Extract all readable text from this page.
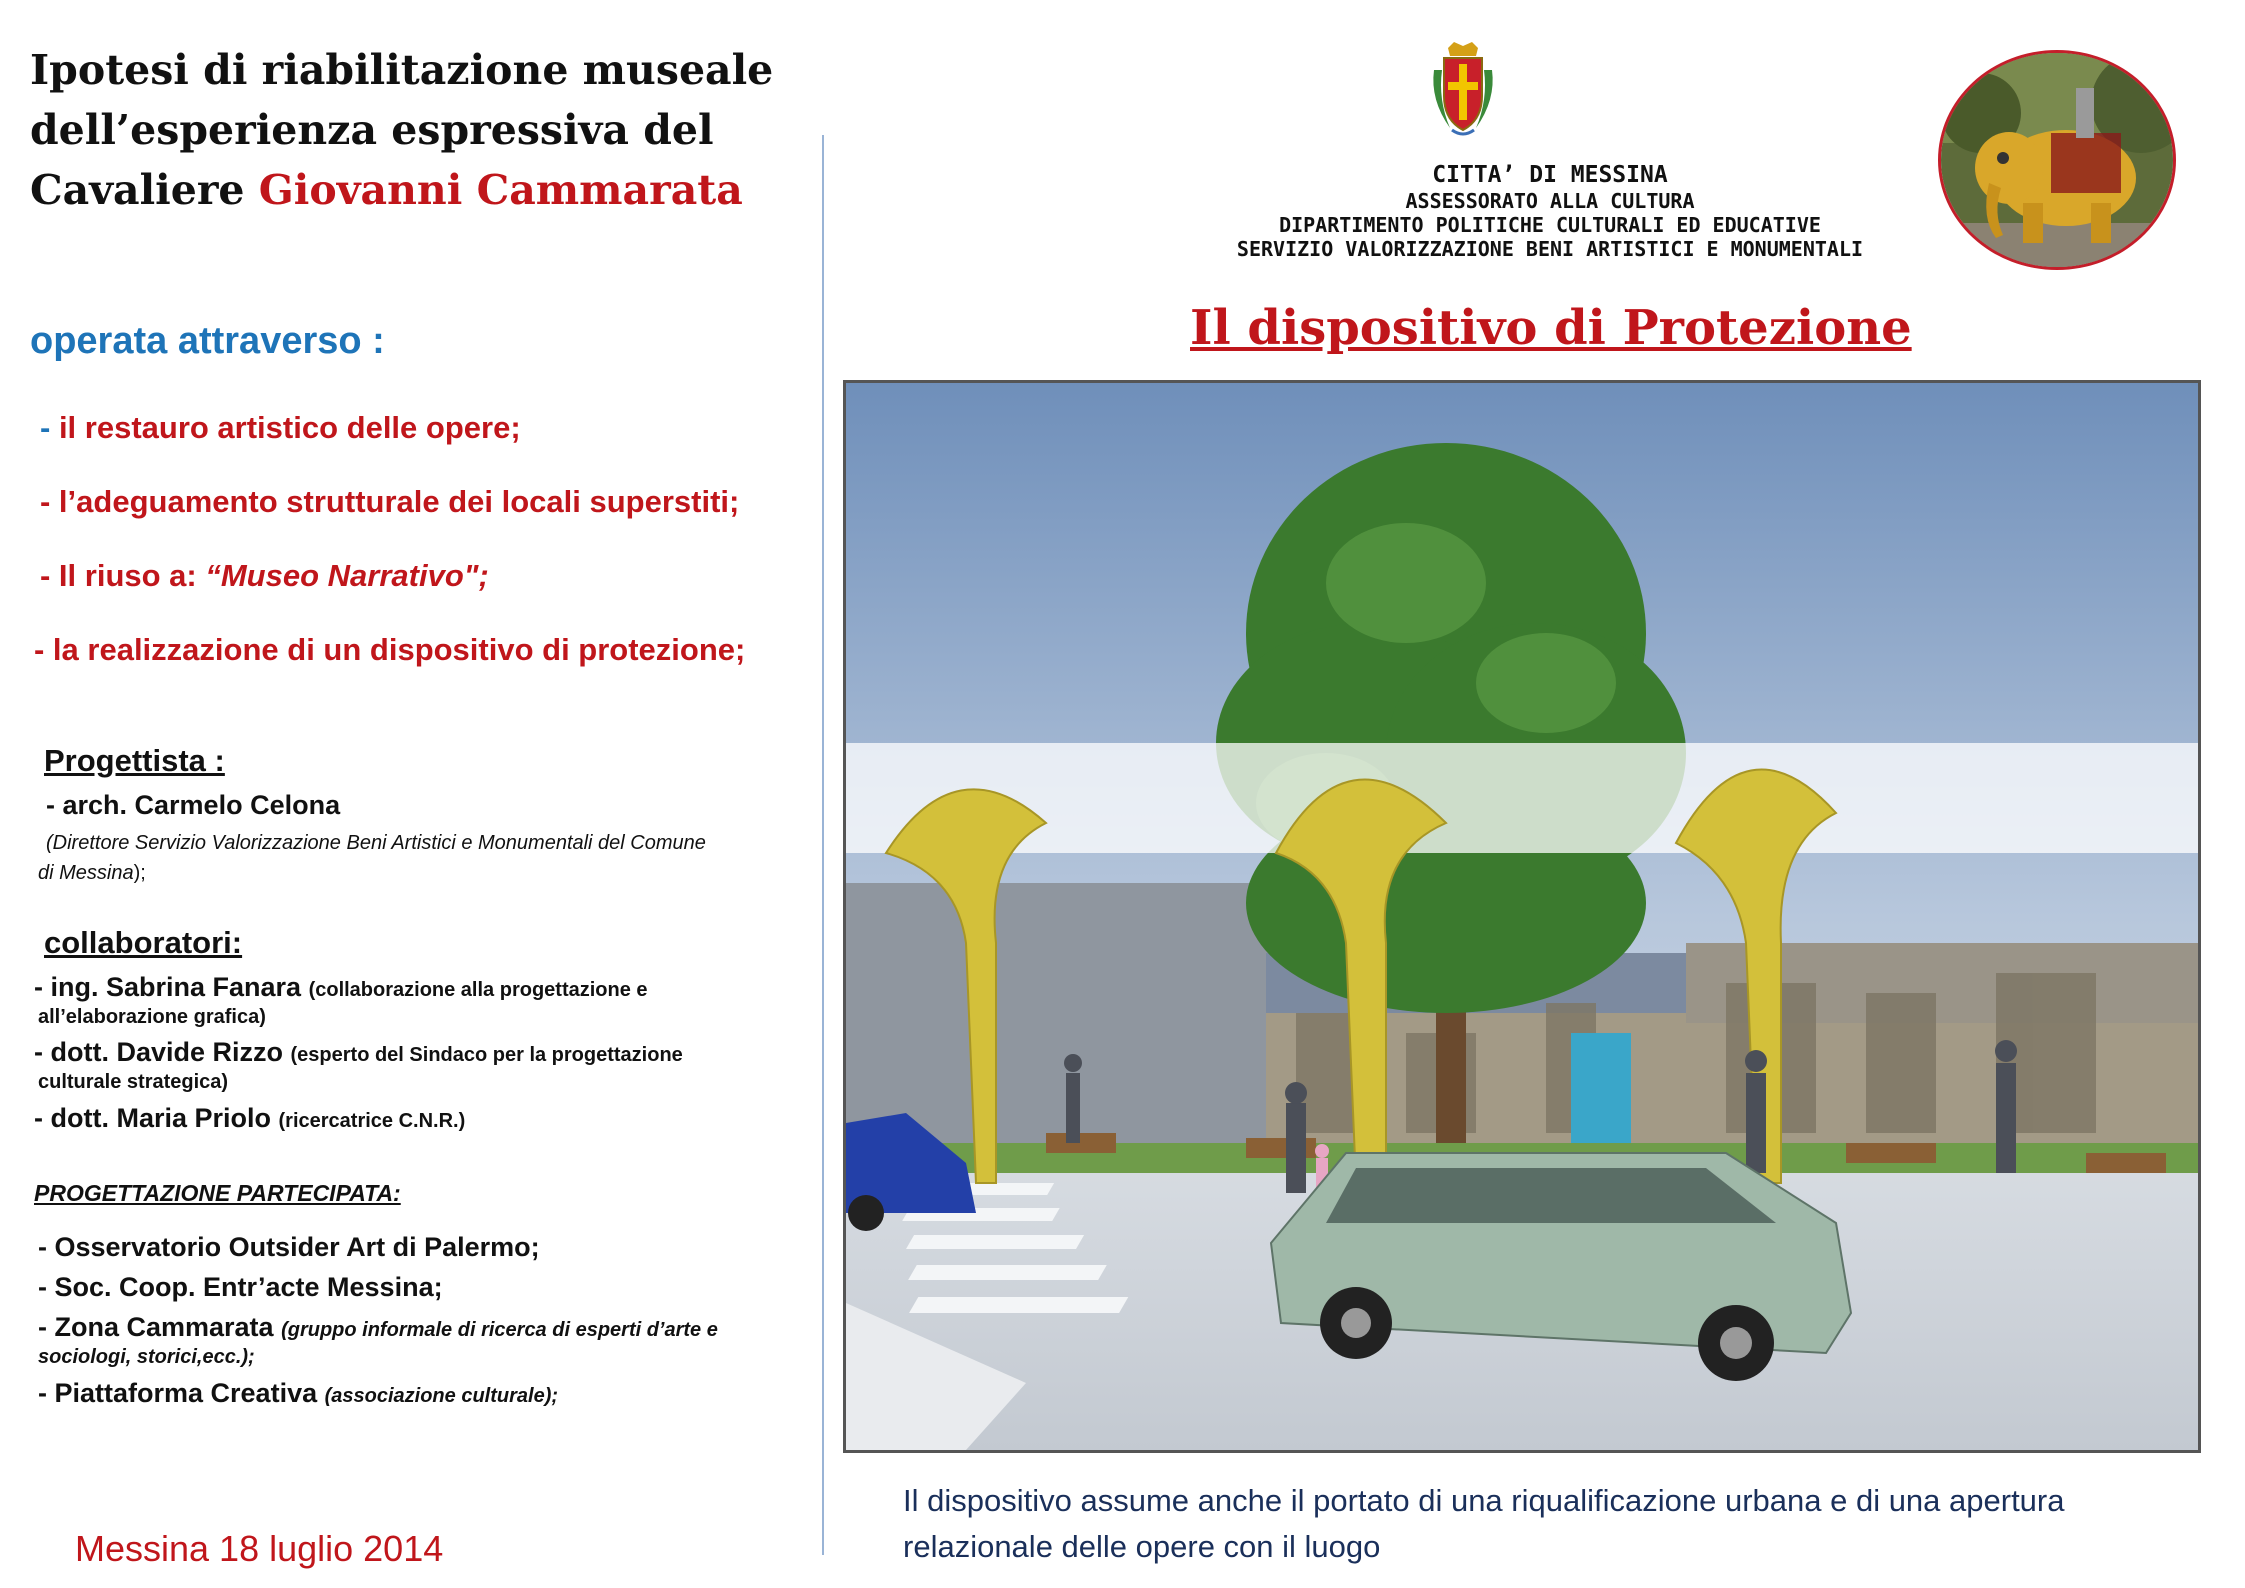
Ipotesi di riabilitazione museale
dell’esperienza espressiva del
Cavaliere Giovanni Cammarata
operata attraverso :
- il restauro artistico delle opere;
- l’adeguamento strutturale dei locali superstiti;
- Il riuso a: “Museo Narrativo";
- la realizzazione di un dispositivo di protezione;
Progettista :
- arch. Carmelo Celona
(Direttore Servizio Valorizzazione Beni Artistici e Monumentali del Comune
di Messina);
collaboratori:
- ing. Sabrina Fanara (collaborazione alla progettazione e
all’elaborazione grafica)
- dott. Davide Rizzo (esperto del Sindaco per la progettazione
culturale strategica)
- dott. Maria Priolo (ricercatrice C.N.R.)
PROGETTAZIONE PARTECIPATA:
- Osservatorio Outsider Art di Palermo;
- Soc. Coop. Entr’acte Messina;
- Zona Cammarata (gruppo informale di ricerca di esperti d’arte e
sociologi, storici,ecc.);
- Piattaforma Creativa (associazione culturale);
Messina 18 luglio 2014
CITTA’ DI MESSINA
ASSESSORATO ALLA CULTURA
DIPARTIMENTO POLITICHE CULTURALI ED EDUCATIVE
SERVIZIO VALORIZZAZIONE BENI ARTISTICI E MONUMENTALI
Il dispositivo di Protezione
Il dispositivo assume anche il portato di una riqualificazione urbana e di una apertura
relazionale delle opere con il luogo
